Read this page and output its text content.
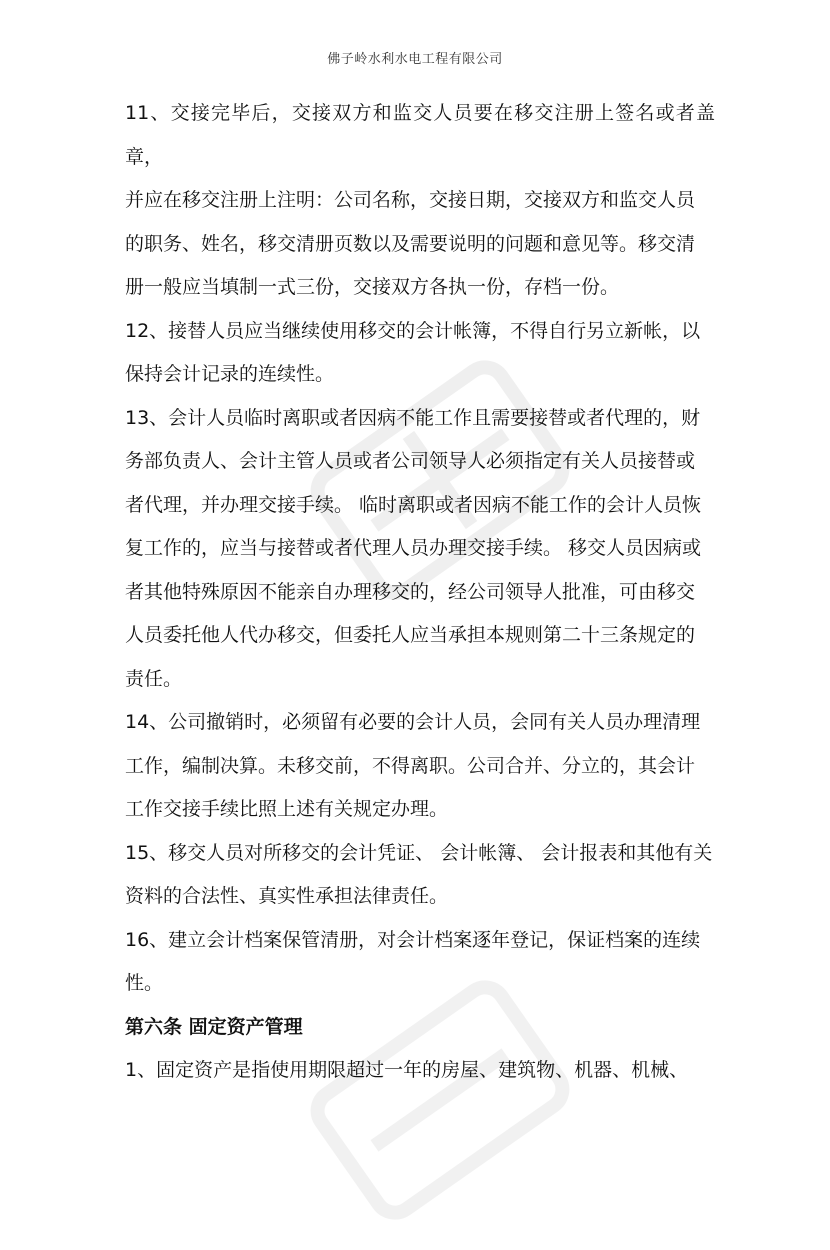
佛子岭水利水电工程有限公司
11、交接完毕后，交接双方和监交人员要在移交注册上签名或者盖章，
并应在移交注册上注明：公司名称，交接日期，交接双方和监交人员
的职务、姓名，移交清册页数以及需要说明的问题和意见等。移交清
册一般应当填制一式三份，交接双方各执一份，存档一份。
12、接替人员应当继续使用移交的会计帐簿，不得自行另立新帐，以
保持会计记录的连续性。
13、会计人员临时离职或者因病不能工作且需要接替或者代理的，财
务部负责人、会计主管人员或者公司领导人必须指定有关人员接替或
者代理，并办理交接手续。 临时离职或者因病不能工作的会计人员恢
复工作的，应当与接替或者代理人员办理交接手续。 移交人员因病或
者其他特殊原因不能亲自办理移交的，经公司领导人批准，可由移交
人员委托他人代办移交，但委托人应当承担本规则第二十三条规定的
责任。
14、公司撤销时，必须留有必要的会计人员，会同有关人员办理清理
工作，编制决算。未移交前，不得离职。公司合并、分立的，其会计
工作交接手续比照上述有关规定办理。
15、移交人员对所移交的会计凭证、 会计帐簿、 会计报表和其他有关
资料的合法性、真实性承担法律责任。
16、建立会计档案保管清册，对会计档案逐年登记，保证档案的连续
性。
第六条 固定资产管理
1、固定资产是指使用期限超过一年的房屋、建筑物、机器、机械、
